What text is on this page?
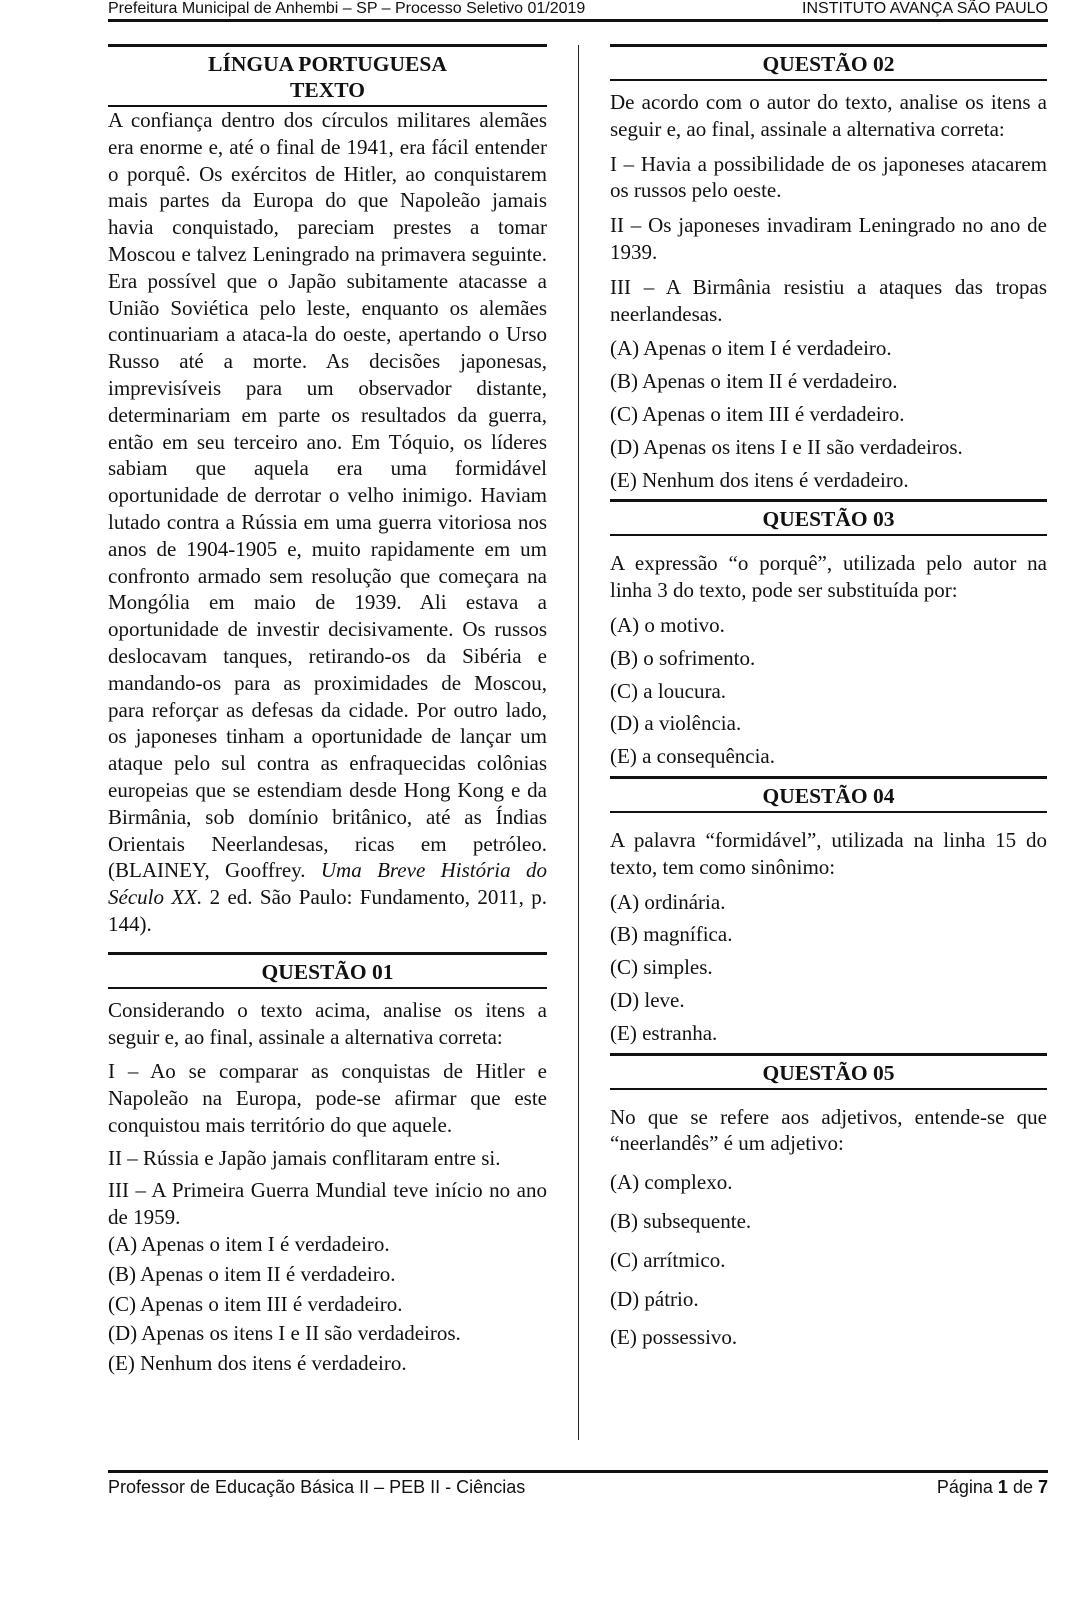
Prefeitura Municipal de Anhembi – SP – Processo Seletivo 01/2019	INSTITUTO AVANÇA SÃO PAULO
LÍNGUA PORTUGUESA
TEXTO

A confiança dentro dos círculos militares alemães era enorme e, até o final de 1941, era fácil entender o porquê. Os exércitos de Hitler, ao conquistarem mais partes da Europa do que Napoleão jamais havia conquistado, pareciam prestes a tomar Moscou e talvez Leningrado na primavera seguinte. Era possível que o Japão subitamente atacasse a União Soviética pelo leste, enquanto os alemães continuariam a ataca-la do oeste, apertando o Urso Russo até a morte. As decisões japonesas, imprevisíveis para um observador distante, determinariam em parte os resultados da guerra, então em seu terceiro ano. Em Tóquio, os líderes sabiam que aquela era uma formidável oportunidade de derrotar o velho inimigo. Haviam lutado contra a Rússia em uma guerra vitoriosa nos anos de 1904-1905 e, muito rapidamente em um confronto armado sem resolução que começara na Mongólia em maio de 1939. Ali estava a oportunidade de investir decisivamente. Os russos deslocavam tanques, retirando-os da Sibéria e mandando-os para as proximidades de Moscou, para reforçar as defesas da cidade. Por outro lado, os japoneses tinham a oportunidade de lançar um ataque pelo sul contra as enfraquecidas colônias europeias que se estendiam desde Hong Kong e da Birmânia, sob domínio britânico, até as Índias Orientais Neerlandesas, ricas em petróleo. (BLAINEY, Gooffrey. Uma Breve História do Século XX. 2 ed. São Paulo: Fundamento, 2011, p. 144).

QUESTÃO 01

Considerando o texto acima, analise os itens a seguir e, ao final, assinale a alternativa correta:

I – Ao se comparar as conquistas de Hitler e Napoleão na Europa, pode-se afirmar que este conquistou mais território do que aquele.

II – Rússia e Japão jamais conflitaram entre si.

III – A Primeira Guerra Mundial teve início no ano de 1959.

(A) Apenas o item I é verdadeiro.
(B) Apenas o item II é verdadeiro.
(C) Apenas o item III é verdadeiro.
(D) Apenas os itens I e II são verdadeiros.
(E) Nenhum dos itens é verdadeiro.
QUESTÃO 02

De acordo com o autor do texto, analise os itens a seguir e, ao final, assinale a alternativa correta:

I – Havia a possibilidade de os japoneses atacarem os russos pelo oeste.

II – Os japoneses invadiram Leningrado no ano de 1939.

III – A Birmânia resistiu a ataques das tropas neerlandesas.

(A) Apenas o item I é verdadeiro.
(B) Apenas o item II é verdadeiro.
(C) Apenas o item III é verdadeiro.
(D) Apenas os itens I e II são verdadeiros.
(E) Nenhum dos itens é verdadeiro.
QUESTÃO 03

A expressão “o porquê”, utilizada pelo autor na linha 3 do texto, pode ser substituída por:

(A) o motivo.
(B) o sofrimento.
(C) a loucura.
(D) a violência.
(E) a consequência.
QUESTÃO 04

A palavra “formidável”, utilizada na linha 15 do texto, tem como sinônimo:

(A) ordinária.
(B) magnífica.
(C) simples.
(D) leve.
(E) estranha.
QUESTÃO 05

No que se refere aos adjetivos, entende-se que “neerlandês” é um adjetivo:

(A) complexo.
(B) subsequente.
(C) arrítmico.
(D) pátrio.
(E) possessivo.
Professor de Educação Básica II – PEB II - Ciências	Página 1 de 7
